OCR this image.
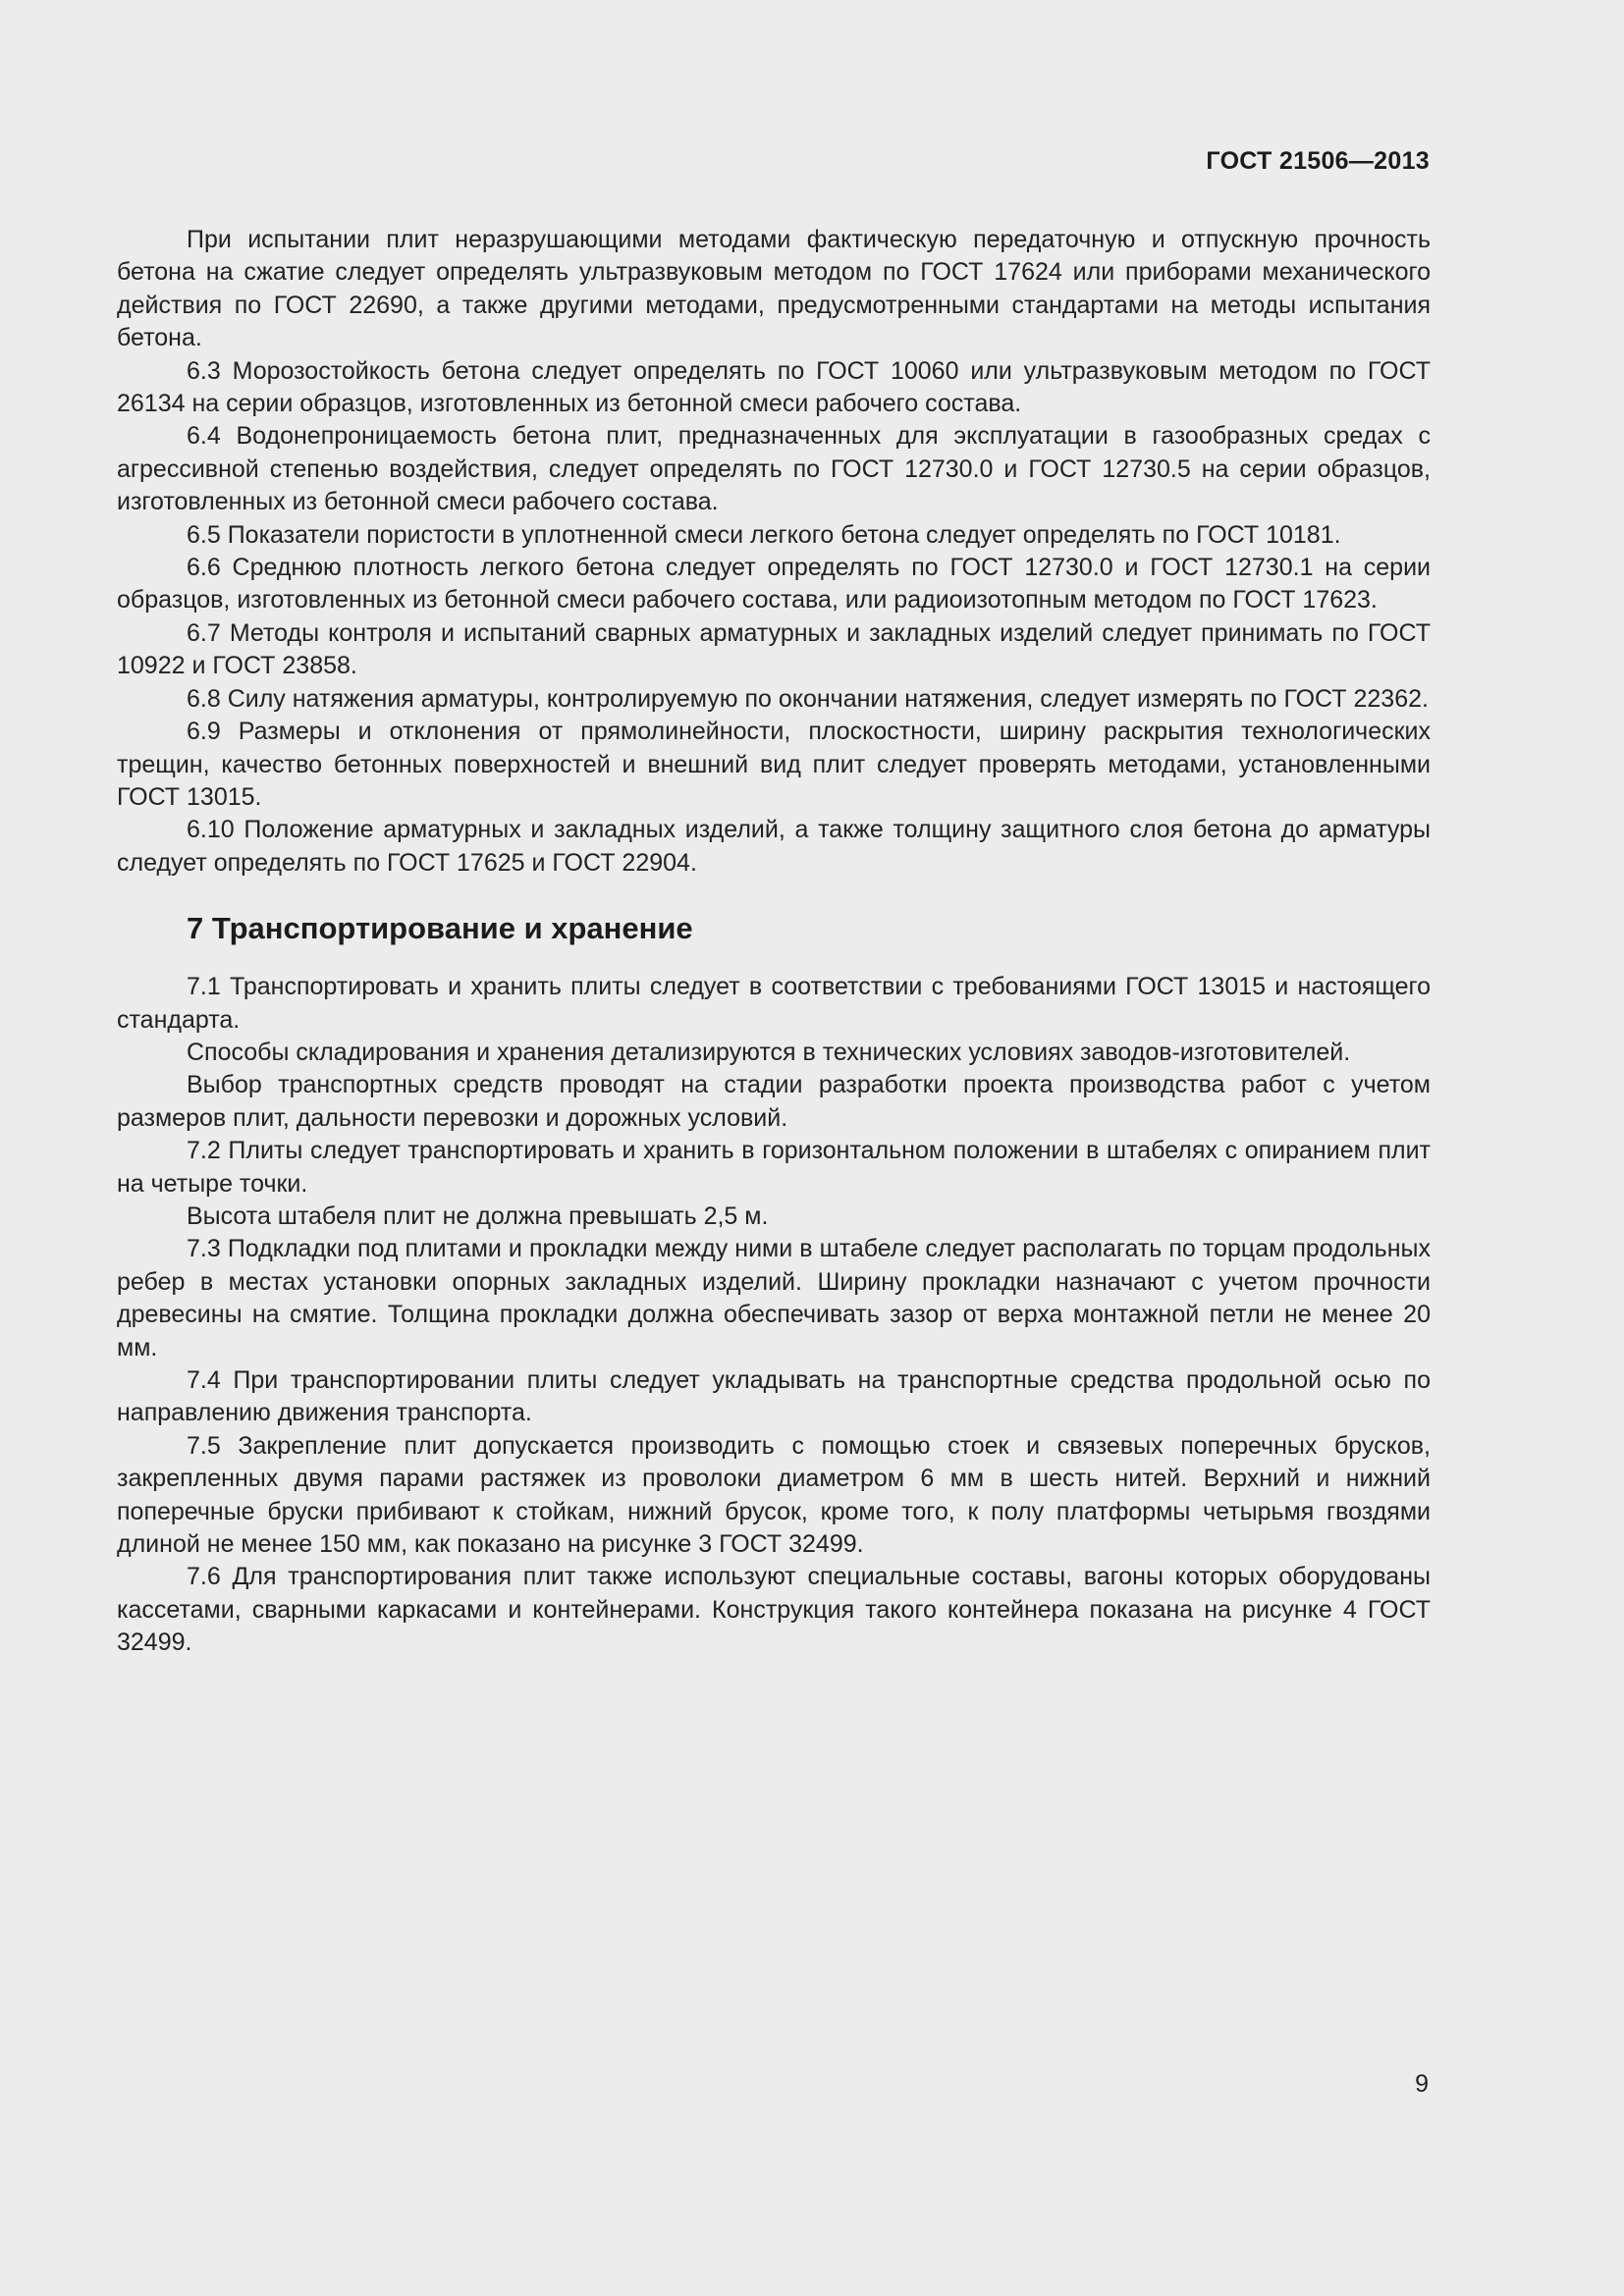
ГОСТ 21506—2013

При испытании плит неразрушающими методами фактическую передаточную и отпускную прочность бетона на сжатие следует определять ультразвуковым методом по ГОСТ 17624 или приборами механического действия по ГОСТ 22690, а также другими методами, предусмотренными стандартами на методы испытания бетона.

6.3 Морозостойкость бетона следует определять по ГОСТ 10060 или ультразвуковым методом по ГОСТ 26134 на серии образцов, изготовленных из бетонной смеси рабочего состава.

6.4 Водонепроницаемость бетона плит, предназначенных для эксплуатации в газообразных средах с агрессивной степенью воздействия, следует определять по ГОСТ 12730.0 и ГОСТ 12730.5 на серии образцов, изготовленных из бетонной смеси рабочего состава.

6.5 Показатели пористости в уплотненной смеси легкого бетона следует определять по ГОСТ 10181.

6.6 Среднюю плотность легкого бетона следует определять по ГОСТ 12730.0 и ГОСТ 12730.1 на серии образцов, изготовленных из бетонной смеси рабочего состава, или радиоизотопным методом по ГОСТ 17623.

6.7 Методы контроля и испытаний сварных арматурных и закладных изделий следует принимать по ГОСТ 10922 и ГОСТ 23858.

6.8 Силу натяжения арматуры, контролируемую по окончании натяжения, следует измерять по ГОСТ 22362.

6.9 Размеры и отклонения от прямолинейности, плоскостности, ширину раскрытия технологических трещин, качество бетонных поверхностей и внешний вид плит следует проверять методами, установленными ГОСТ 13015.

6.10 Положение арматурных и закладных изделий, а также толщину защитного слоя бетона до арматуры следует определять по ГОСТ 17625 и ГОСТ 22904.

7 Транспортирование и хранение

7.1 Транспортировать и хранить плиты следует в соответствии с требованиями ГОСТ 13015 и настоящего стандарта.

Способы складирования и хранения детализируются в технических условиях заводов-изготовителей.

Выбор транспортных средств проводят на стадии разработки проекта производства работ с учетом размеров плит, дальности перевозки и дорожных условий.

7.2 Плиты следует транспортировать и хранить в горизонтальном положении в штабелях с опиранием плит на четыре точки.

Высота штабеля плит не должна превышать 2,5 м.

7.3 Подкладки под плитами и прокладки между ними в штабеле следует располагать по торцам продольных ребер в местах установки опорных закладных изделий. Ширину прокладки назначают с учетом прочности древесины на смятие. Толщина прокладки должна обеспечивать зазор от верха монтажной петли не менее 20 мм.

7.4 При транспортировании плиты следует укладывать на транспортные средства продольной осью по направлению движения транспорта.

7.5 Закрепление плит допускается производить с помощью стоек и связевых поперечных брусков, закрепленных двумя парами растяжек из проволоки диаметром 6 мм в шесть нитей. Верхний и нижний поперечные бруски прибивают к стойкам, нижний брусок, кроме того, к полу платформы четырьмя гвоздями длиной не менее 150 мм, как показано на рисунке 3 ГОСТ 32499.

7.6 Для транспортирования плит также используют специальные составы, вагоны которых оборудованы кассетами, сварными каркасами и контейнерами. Конструкция такого контейнера показана на рисунке 4 ГОСТ 32499.

9
